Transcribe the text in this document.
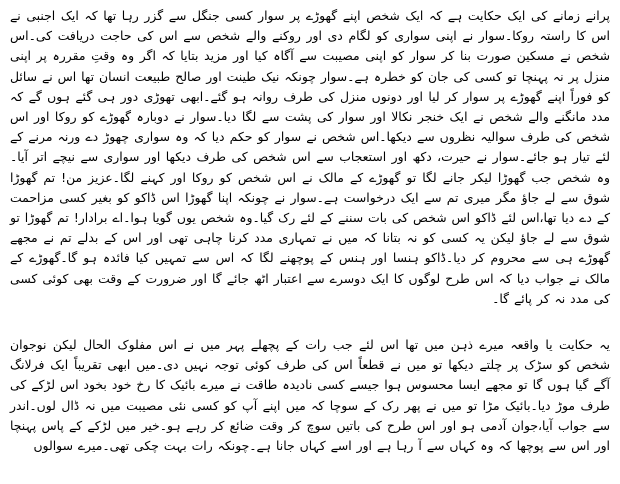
پرانے زمانے کی ایک حکایت ہے کہ ایک شخص اپنے گھوڑے پر سوار کسی جنگل سے گزر رہا تھا کہ ایک اجنبی نے اس کا راستہ روکا۔سوار نے اپنی سواری کو لگام دی اور روکنے والے شخص سے اس کی حاجت دریافت کی۔اس شخص نے مسکین صورت بنا کر سوار کو اپنی مصیبت سے آگاہ کیا اور مزید بتایا کہ اگر وہ وقتِ مقررہ پر اپنی منزل پر نہ پہنچا تو کسی کی جان کو خطرہ ہے۔سوار چونکہ نیک طینت اور صالح طبیعت انسان تھا اس نے سائل کو فوراً اپنے گھوڑے پر سوار کر لیا اور دونوں منزل کی طرف روانہ ہو گئے۔ابھی تھوڑی دور ہی گئے ہوں گے کہ مدد مانگنے والے شخص نے ایک خنجر نکالا اور سوار کی پشت سے لگا دیا۔سوار نے دوبارہ گھوڑے کو روکا اور اس شخص کی طرف سوالیہ نظروں سے دیکھا۔اس شخص نے سوار کو حکم دیا کہ وہ سواری چھوڑ دے ورنہ مرنے کے لئے تیار ہو جائے۔سوار نے حیرت، دکھ اور استعجاب سے اس شخص کی طرف دیکھا اور سواری سے نیچے اتر آیا۔وہ شخص جب گھوڑا لیکر جانے لگا تو گھوڑے کے مالک نے اس شخص کو روکا اور کہنے لگا۔عزیز من! تم گھوڑا شوق سے لے جاؤ مگر میری تم سے ایک درخواست ہے۔سوار نے چونکہ اپنا گھوڑا اس ڈاکو کو بغیر کسی مزاحمت کے دے دیا تھا،اس لئے ڈاکو اس شخص کی بات سننے کے لئے رک گیا۔وہ شخص یوں گویا ہوا۔اے برادار! تم گھوڑا تو شوق سے لے جاؤ لیکن یہ کسی کو نہ بتانا کہ میں نے تمہاری مدد کرنا چاہی تھی اور اس کے بدلے تم نے مجھے گھوڑے ہی سے محروم کر دیا۔ڈاکو ہنسا اور ہنس کے پوچھنے لگا کہ اس سے تمہیں کیا فائدہ ہو گا۔گھوڑے کے مالک نے جواب دیا کہ اس طرح لوگوں کا ایک دوسرے سے اعتبار اٹھ جائے گا اور ضرورت کے وقت بھی کوئی کسی کی مدد نہ کر پائے گا۔

یہ حکایت یا واقعہ میرے ذہن میں تھا اس لئے جب رات کے پچھلے پہر میں نے اس مفلوک الحال لیکن نوجوان شخص کو سڑک پر چلتے دیکھا تو میں نے قطعاً اس کی طرف کوئی توجہ نہیں دی۔میں ابھی تقریباً ایک فرلانگ آگے گیا ہوں گا تو مجھے ایسا محسوس ہوا جیسے کسی نادیدہ طاقت نے میرے بائیک کا رخ خود بخود اس لڑکے کی طرف موڑ دیا۔بائیک مڑا تو میں نے پھر رک کے سوچا کہ میں اپنے آپ کو کسی نئی مصیبت میں نہ ڈال لوں۔اندر سے جواب آیا،جوان آدمی ہو اور اس طرح کی باتیں سوچ کر وقت ضائع کر رہے ہو۔خیر میں لڑکے کے پاس پہنچا اور اس سے پوچھا کہ وہ کہاں سے آ رہا ہے اور اسے کہاں جانا ہے۔چونکہ رات بہت چکی تھی۔میرے سوالوں
